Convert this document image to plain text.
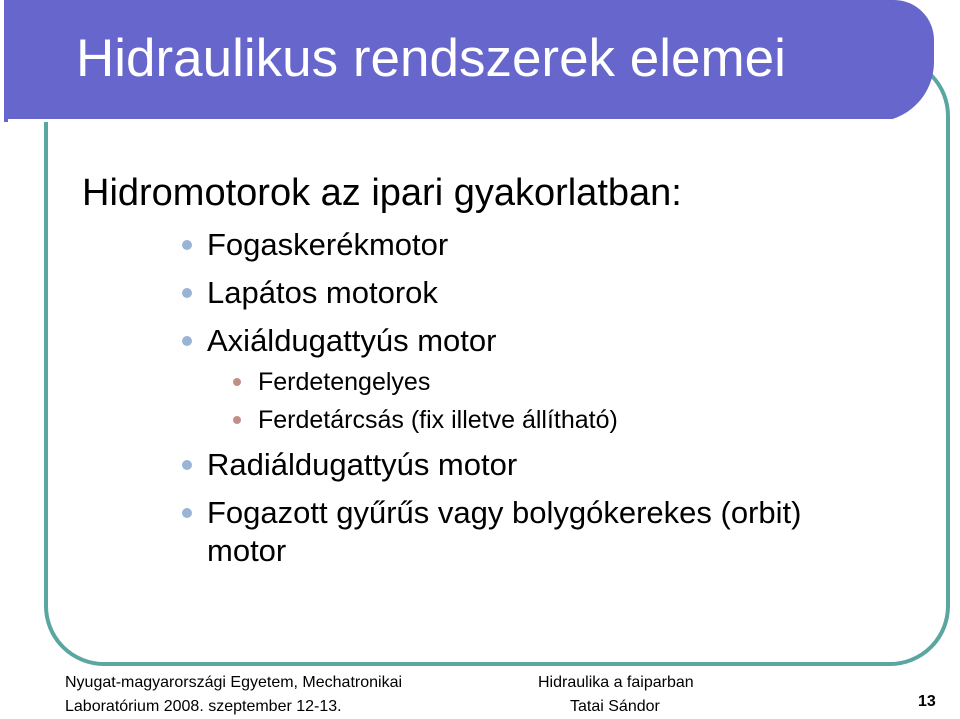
Hidraulikus rendszerek elemei

Hidromotorok az ipari gyakorlatban:

Fogaskerékmotor
Lapátos motorok
Axiáldugattyús motor
Ferdetengelyes
Ferdetárcsás (fix illetve állítható)
Radiáldugattyús motor
Fogazott gyűrűs vagy bolygókerekes (orbit) motor
Nyugat-magyarországi Egyetem, Mechatronikai
Laboratórium 2008. szeptember 12-13.
Hidraulika a faiparban
Tatai Sándor	13
